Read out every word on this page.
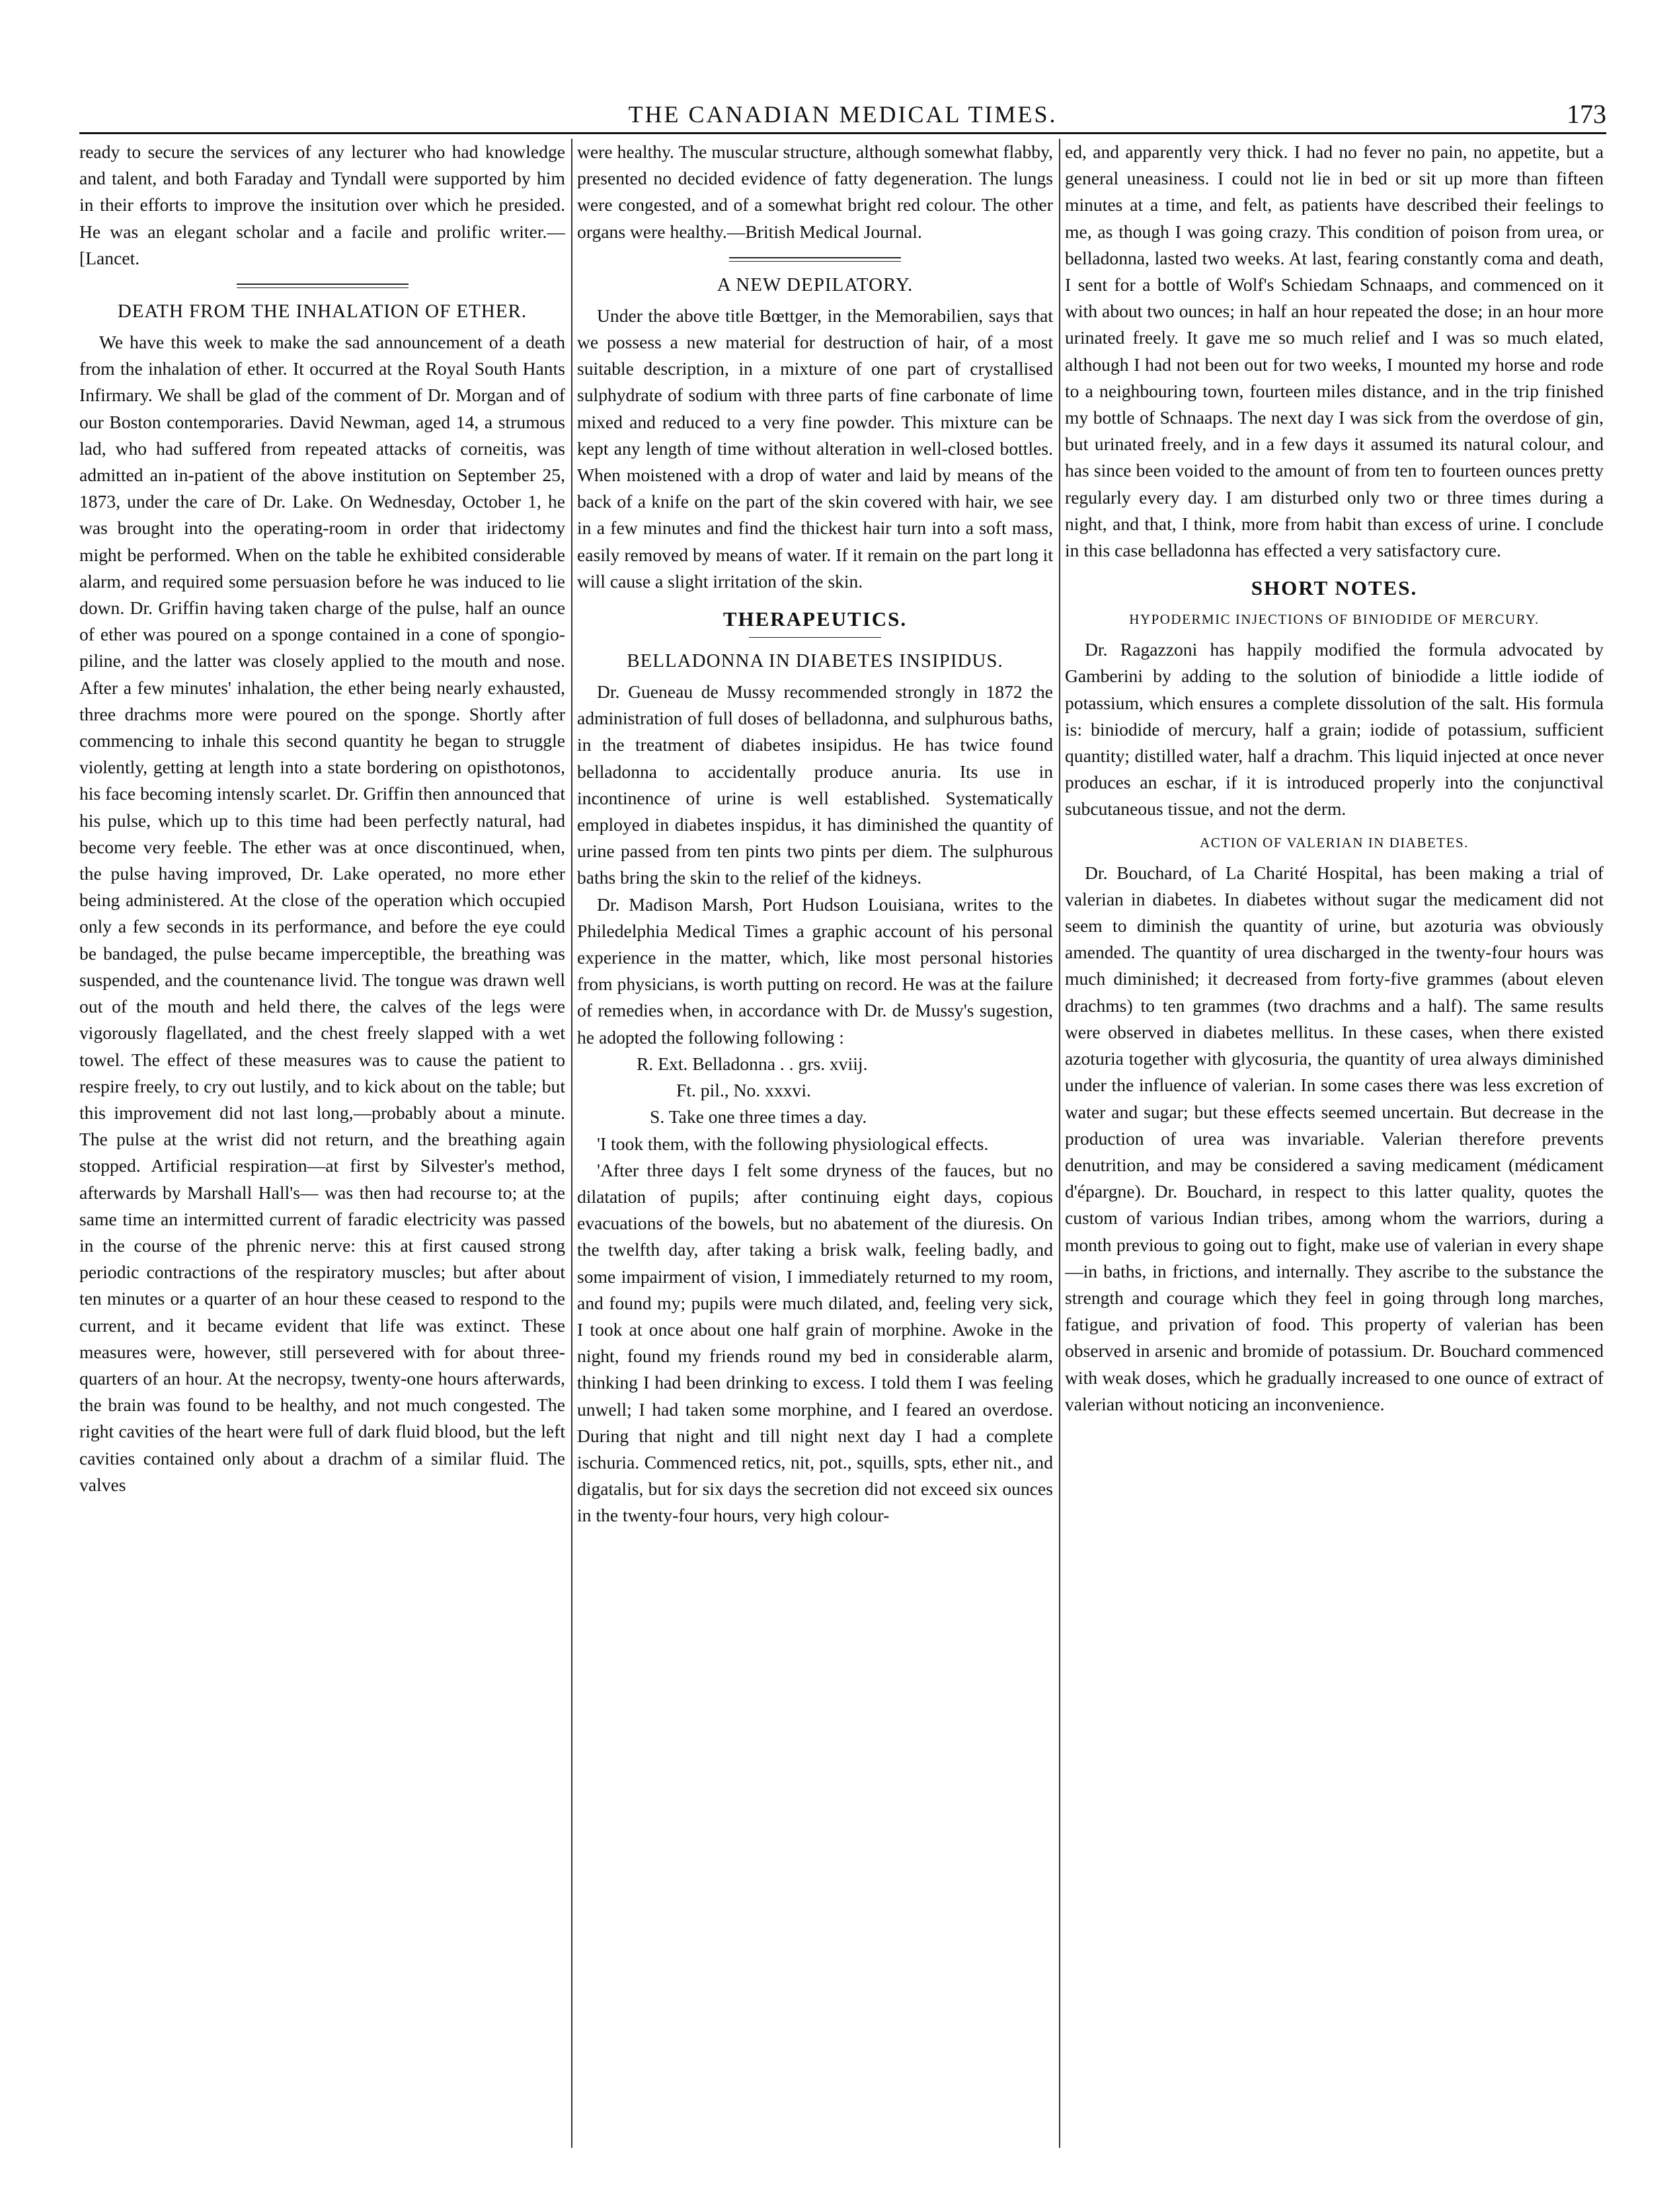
THE CANADIAN MEDICAL TIMES.	173

ready to secure the services of any lecturer who had knowledge and talent, and both Faraday and Tyndall were supported by him in their efforts to improve the insitution over which he presided. He was an elegant scholar and a facile and prolific writer.—[Lancet.

DEATH FROM THE INHALATION OF ETHER.

We have this week to make the sad announcement of a death from the inhalation of ether. It occurred at the Royal South Hants Infirmary. We shall be glad of the comment of Dr. Morgan and of our Boston contemporaries. David Newman, aged 14, a strumous lad, who had suffered from repeated attacks of corneitis, was admitted an in-patient of the above institution on September 25, 1873, under the care of Dr. Lake. On Wednesday, October 1, he was brought into the operating-room in order that iridectomy might be performed. When on the table he exhibited considerable alarm, and required some persuasion before he was induced to lie down. Dr. Griffin having taken charge of the pulse, half an ounce of ether was poured on a sponge contained in a cone of spongio-piline, and the latter was closely applied to the mouth and nose. After a few minutes' inhalation, the ether being nearly exhausted, three drachms more were poured on the sponge. Shortly after commencing to inhale this second quantity he began to struggle violently, getting at length into a state bordering on opisthotonos, his face becoming intensly scarlet. Dr. Griffin then announced that his pulse, which up to this time had been perfectly natural, had become very feeble. The ether was at once discontinued, when, the pulse having improved, Dr. Lake operated, no more ether being administered. At the close of the operation which occupied only a few seconds in its performance, and before the eye could be bandaged, the pulse became imperceptible, the breathing was suspended, and the countenance livid. The tongue was drawn well out of the mouth and held there, the calves of the legs were vigorously flagellated, and the chest freely slapped with a wet towel. The effect of these measures was to cause the patient to respire freely, to cry out lustily, and to kick about on the table; but this improvement did not last long,—probably about a minute. The pulse at the wrist did not return, and the breathing again stopped. Artificial respiration—at first by Silvester's method, afterwards by Marshall Hall's— was then had recourse to; at the same time an intermitted current of faradic electricity was passed in the course of the phrenic nerve: this at first caused strong periodic contractions of the respiratory muscles; but after about ten minutes or a quarter of an hour these ceased to respond to the current, and it became evident that life was extinct. These measures were, however, still persevered with for about three-quarters of an hour. At the necropsy, twenty-one hours afterwards, the brain was found to be healthy, and not much congested. The right cavities of the heart were full of dark fluid blood, but the left cavities contained only about a drachm of a similar fluid. The valves

were healthy. The muscular structure, although somewhat flabby, presented no decided evidence of fatty degeneration. The lungs were congested, and of a somewhat bright red colour. The other organs were healthy.—British Medical Journal.

A NEW DEPILATORY.

Under the above title Bœttger, in the Memorabilien, says that we possess a new material for destruction of hair, of a most suitable description, in a mixture of one part of crystallised sulphydrate of sodium with three parts of fine carbonate of lime mixed and reduced to a very fine powder. This mixture can be kept any length of time without alteration in well-closed bottles. When moistened with a drop of water and laid by means of the back of a knife on the part of the skin covered with hair, we see in a few minutes and find the thickest hair turn into a soft mass, easily removed by means of water. If it remain on the part long it will cause a slight irritation of the skin.

THERAPEUTICS.
BELLADONNA IN DIABETES INSIPIDUS.

Dr. Gueneau de Mussy recommended strongly in 1872 the administration of full doses of belladonna, and sulphurous baths, in the treatment of diabetes insipidus. He has twice found belladonna to accidentally produce anuria. Its use in incontinence of urine is well established. Systematically employed in diabetes inspidus, it has diminished the quantity of urine passed from ten pints two pints per diem. The sulphurous baths bring the skin to the relief of the kidneys.

Dr. Madison Marsh, Port Hudson Louisiana, writes to the Philedelphia Medical Times a graphic account of his personal experience in the matter, which, like most personal histories from physicians, is worth putting on record. He was at the failure of remedies when, in accordance with Dr. de Mussy's sugestion, he adopted the following following :

R. Ext. Belladonna . . grs. xviij.

Ft. pil., No. xxxvi.

S. Take one three times a day.

'I took them, with the following physiological effects.

'After three days I felt some dryness of the fauces, but no dilatation of pupils; after continuing eight days, copious evacuations of the bowels, but no abatement of the diuresis. On the twelfth day, after taking a brisk walk, feeling badly, and some impairment of vision, I immediately returned to my room, and found my; pupils were much dilated, and, feeling very sick, I took at once about one half grain of morphine. Awoke in the night, found my friends round my bed in considerable alarm, thinking I had been drinking to excess. I told them I was feeling unwell; I had taken some morphine, and I feared an overdose. During that night and till night next day I had a complete ischuria. Commenced retics, nit, pot., squills, spts, ether nit., and digatalis, but for six days the secretion did not exceed six ounces in the twenty-four hours, very high colour-

ed, and apparently very thick. I had no fever no pain, no appetite, but a general uneasiness. I could not lie in bed or sit up more than fifteen minutes at a time, and felt, as patients have described their feelings to me, as though I was going crazy. This condition of poison from urea, or belladonna, lasted two weeks. At last, fearing constantly coma and death, I sent for a bottle of Wolf's Schiedam Schnaaps, and commenced on it with about two ounces; in half an hour repeated the dose; in an hour more urinated freely. It gave me so much relief and I was so much elated, although I had not been out for two weeks, I mounted my horse and rode to a neighbouring town, fourteen miles distance, and in the trip finished my bottle of Schnaaps. The next day I was sick from the overdose of gin, but urinated freely, and in a few days it assumed its natural colour, and has since been voided to the amount of from ten to fourteen ounces pretty regularly every day. I am disturbed only two or three times during a night, and that, I think, more from habit than excess of urine. I conclude in this case belladonna has effected a very satisfactory cure.

SHORT NOTES.
HYPODERMIC INJECTIONS OF BINIODIDE OF MERCURY.

Dr. Ragazzoni has happily modified the formula advocated by Gamberini by adding to the solution of biniodide a little iodide of potassium, which ensures a complete dissolution of the salt. His formula is: biniodide of mercury, half a grain; iodide of potassium, sufficient quantity; distilled water, half a drachm. This liquid injected at once never produces an eschar, if it is introduced properly into the conjunctival subcutaneous tissue, and not the derm.

ACTION OF VALERIAN IN DIABETES.

Dr. Bouchard, of La Charité Hospital, has been making a trial of valerian in diabetes. In diabetes without sugar the medicament did not seem to diminish the quantity of urine, but azoturia was obviously amended. The quantity of urea discharged in the twenty-four hours was much diminished; it decreased from forty-five grammes (about eleven drachms) to ten grammes (two drachms and a half). The same results were observed in diabetes mellitus. In these cases, when there existed azoturia together with glycosuria, the quantity of urea always diminished under the influence of valerian. In some cases there was less excretion of water and sugar; but these effects seemed uncertain. But decrease in the production of urea was invariable. Valerian therefore prevents denutrition, and may be considered a saving medicament (médicament d'épargne). Dr. Bouchard, in respect to this latter quality, quotes the custom of various Indian tribes, among whom the warriors, during a month previous to going out to fight, make use of valerian in every shape—in baths, in frictions, and internally. They ascribe to the substance the strength and courage which they feel in going through long marches, fatigue, and privation of food. This property of valerian has been observed in arsenic and bromide of potassium. Dr. Bouchard commenced with weak doses, which he gradually increased to one ounce of extract of valerian without noticing an inconvenience.
